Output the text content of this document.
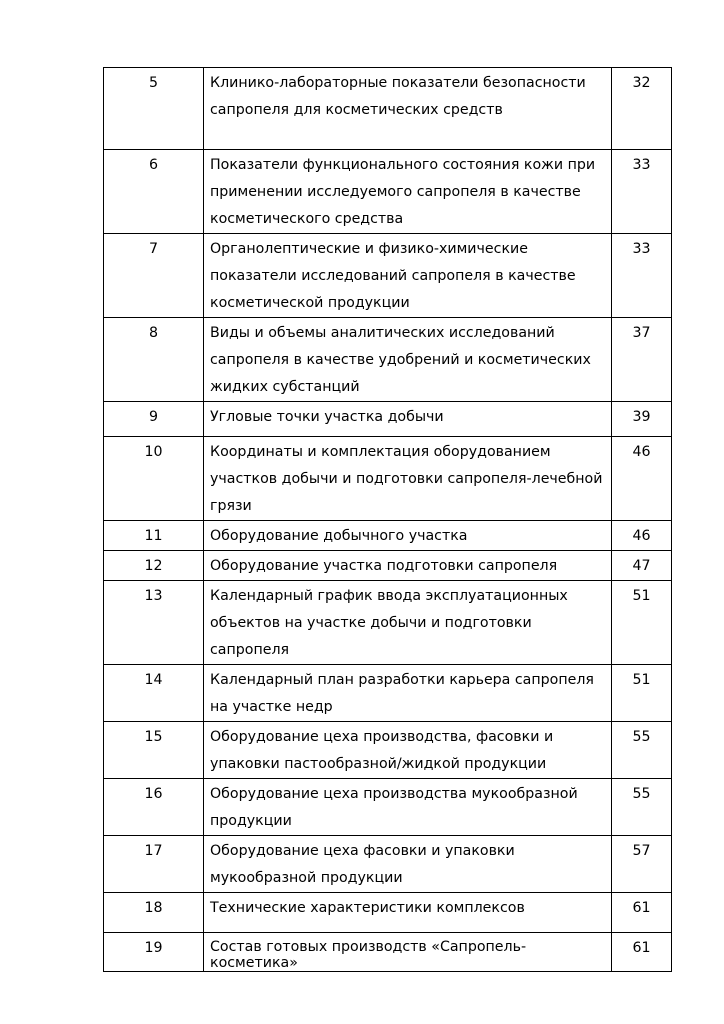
5	Клинико-лабораторные показатели безопасности сапропеля для косметических средств	32
6	Показатели функционального состояния кожи при применении исследуемого сапропеля в качестве косметического средства	33
7	Органолептические и физико-химические показатели исследований сапропеля в качестве косметической продукции	33
8	Виды и объемы аналитических исследований сапропеля в качестве удобрений и косметических жидких субстанций	37
9	Угловые точки участка добычи	39
10	Координаты и комплектация оборудованием участков добычи и подготовки сапропеля-лечебной грязи	46
11	Оборудование добычного участка	46
12	Оборудование участка подготовки сапропеля	47
13	Календарный график ввода эксплуатационных объектов на участке добычи и подготовки сапропеля	51
14	Календарный план разработки карьера сапропеля на участке недр	51
15	Оборудование цеха производства, фасовки и упаковки пастообразной/жидкой продукции	55
16	Оборудование цеха производства мукообразной продукции	55
17	Оборудование цеха фасовки и упаковки мукообразной продукции	57
18	Технические характеристики комплексов	61
19	Состав готовых производств «Сапропель-косметика»	61
